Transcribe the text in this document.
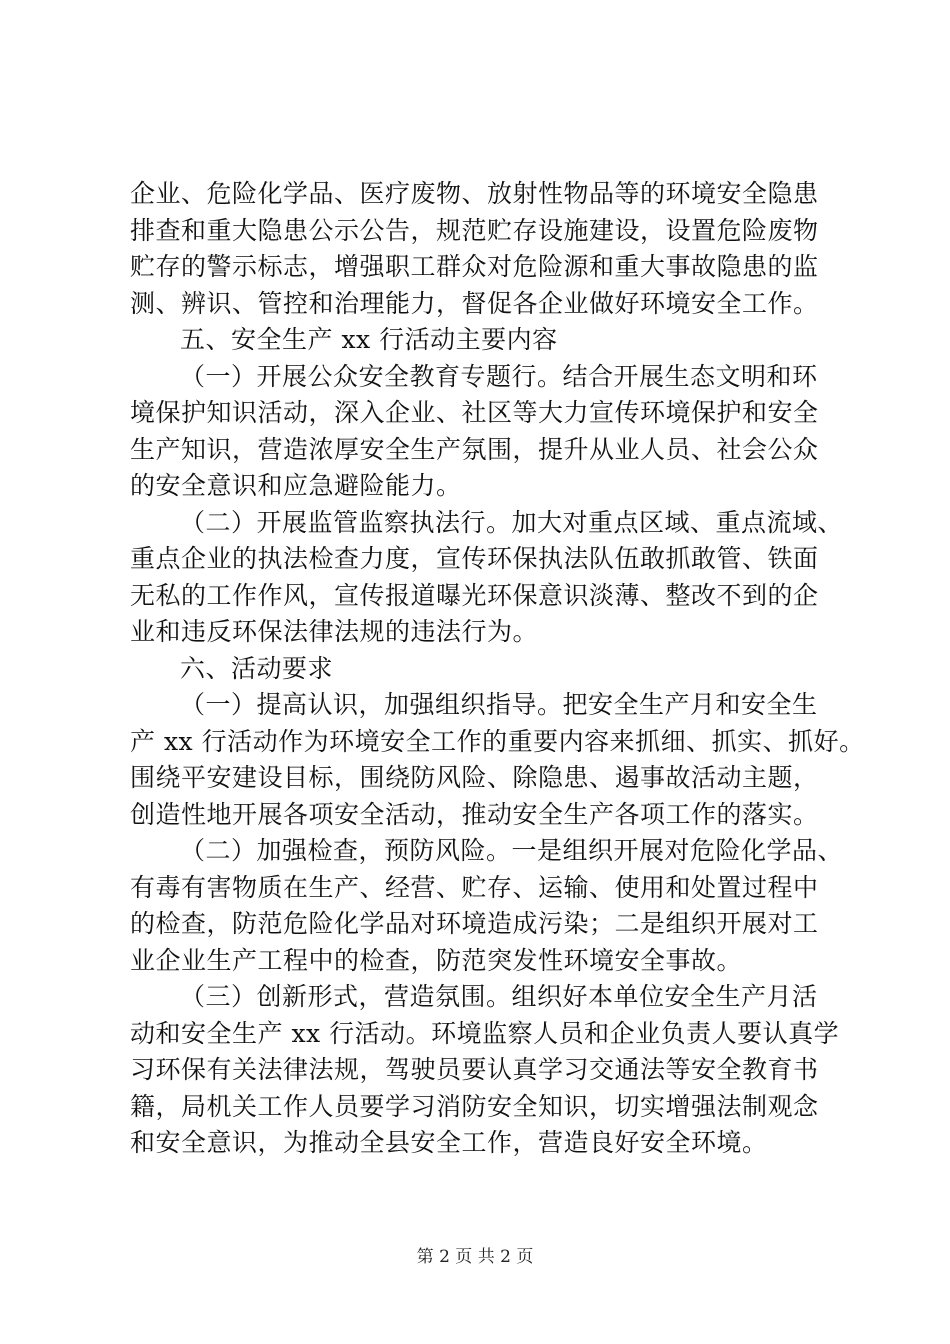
企业、危险化学品、医疗废物、放射性物品等的环境安全隐患
排查和重大隐患公示公告，规范贮存设施建设，设置危险废物
贮存的警示标志，增强职工群众对危险源和重大事故隐患的监
测、辨识、管控和治理能力，督促各企业做好环境安全工作。
五、安全生产 xx 行活动主要内容
（一）开展公众安全教育专题行。结合开展生态文明和环
境保护知识活动，深入企业、社区等大力宣传环境保护和安全
生产知识，营造浓厚安全生产氛围，提升从业人员、社会公众
的安全意识和应急避险能力。
（二）开展监管监察执法行。加大对重点区域、重点流域、
重点企业的执法检查力度，宣传环保执法队伍敢抓敢管、铁面
无私的工作作风，宣传报道曝光环保意识淡薄、整改不到的企
业和违反环保法律法规的违法行为。
六、活动要求
（一）提高认识，加强组织指导。把安全生产月和安全生
产 xx 行活动作为环境安全工作的重要内容来抓细、抓实、抓好。
围绕平安建设目标，围绕防风险、除隐患、遏事故活动主题，
创造性地开展各项安全活动，推动安全生产各项工作的落实。
（二）加强检查，预防风险。一是组织开展对危险化学品、
有毒有害物质在生产、经营、贮存、运输、使用和处置过程中
的检查，防范危险化学品对环境造成污染；二是组织开展对工
业企业生产工程中的检查，防范突发性环境安全事故。
（三）创新形式，营造氛围。组织好本单位安全生产月活
动和安全生产 xx 行活动。环境监察人员和企业负责人要认真学
习环保有关法律法规，驾驶员要认真学习交通法等安全教育书
籍，局机关工作人员要学习消防安全知识，切实增强法制观念
和安全意识，为推动全县安全工作，营造良好安全环境。
第 2 页 共 2 页
